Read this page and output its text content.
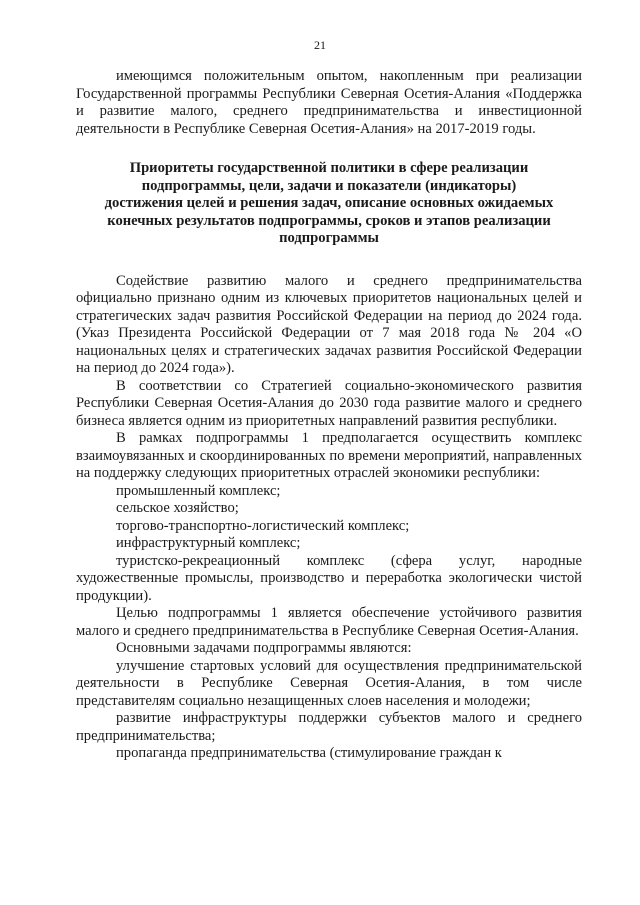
21

имеющимся положительным опытом, накопленным при реализации Государственной программы Республики Северная Осетия-Алания «Поддержка и развитие малого, среднего предпринимательства и инвестиционной деятельности в Республике Северная Осетия-Алания» на 2017-2019 годы.

Приоритеты государственной политики в сфере реализации
подпрограммы, цели, задачи и показатели (индикаторы)
достижения целей и решения задач, описание основных ожидаемых
конечных результатов подпрограммы, сроков и этапов реализации
подпрограммы

Содействие развитию малого и среднего предпринимательства официально признано одним из ключевых приоритетов национальных целей и стратегических задач развития Российской Федерации на период до 2024 года. (Указ Президента Российской Федерации от 7 мая 2018 года № 204 «О национальных целях и стратегических задачах развития Российской Федерации на период до 2024 года»).

В соответствии со Стратегией социально-экономического развития Республики Северная Осетия-Алания до 2030 года развитие малого и среднего бизнеса является одним из приоритетных направлений развития республики.

В рамках подпрограммы 1 предполагается осуществить комплекс взаимоувязанных и скоординированных по времени мероприятий, направленных на поддержку следующих приоритетных отраслей экономики республики:

промышленный комплекс;

сельское хозяйство;

торгово-транспортно-логистический комплекс;

инфраструктурный комплекс;

туристско-рекреационный комплекс (сфера услуг, народные художественные промыслы, производство и переработка экологически чистой продукции).

Целью подпрограммы 1 является обеспечение устойчивого развития малого и среднего предпринимательства в Республике Северная Осетия-Алания.

Основными задачами подпрограммы являются:

улучшение стартовых условий для осуществления предпринимательской деятельности в Республике Северная Осетия-Алания, в том числе представителям социально незащищенных слоев населения и молодежи;

развитие инфраструктуры поддержки субъектов малого и среднего предпринимательства;

пропаганда предпринимательства (стимулирование граждан к
